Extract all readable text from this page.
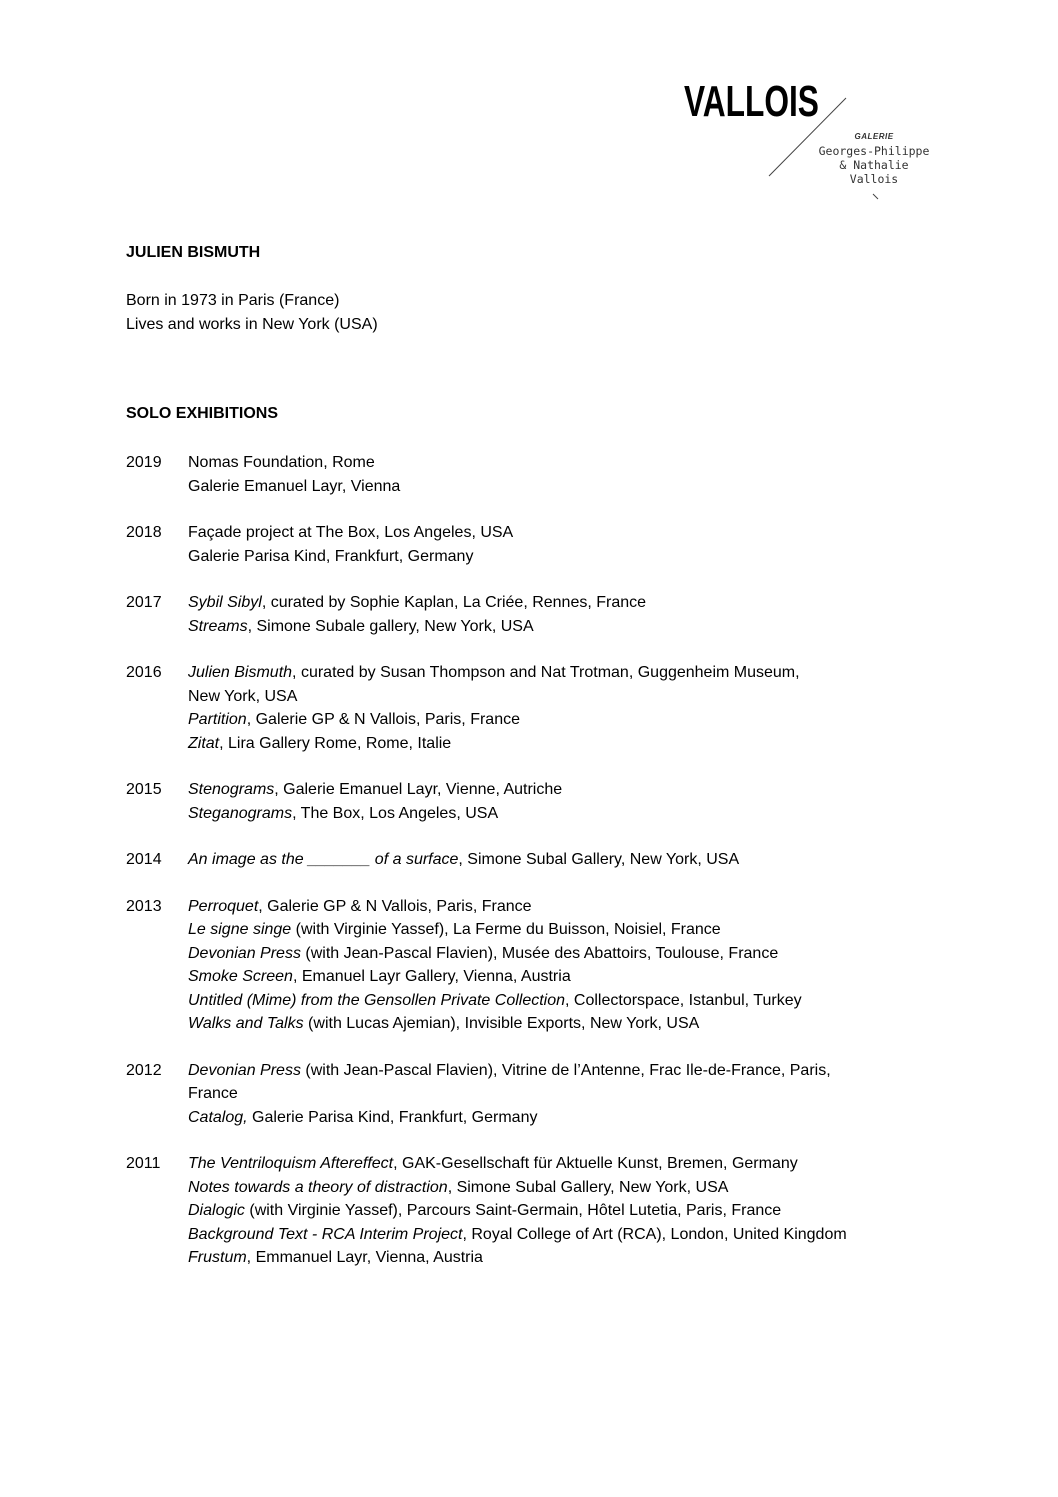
VALLOIS
GALERIE
Georges-Philippe
& Nathalie
Vallois
JULIEN BISMUTH
Born in 1973 in Paris (France)
Lives and works in New York (USA)
SOLO EXHIBITIONS
2019	Nomas Foundation, Rome
Galerie Emanuel Layr, Vienna
2018	Façade project at The Box, Los Angeles, USA
Galerie Parisa Kind, Frankfurt, Germany
2017	Sybil Sibyl, curated by Sophie Kaplan, La Criée, Rennes, France
Streams, Simone Subale gallery, New York, USA
2016	Julien Bismuth, curated by Susan Thompson and Nat Trotman, Guggenheim Museum,
New York, USA
Partition, Galerie GP & N Vallois, Paris, France
Zitat, Lira Gallery Rome, Rome, Italie
2015	Stenograms, Galerie Emanuel Layr, Vienne, Autriche
Steganograms, The Box, Los Angeles, USA
2014	An image as the _______ of a surface, Simone Subal Gallery, New York, USA
2013	Perroquet, Galerie GP & N Vallois, Paris, France
Le signe singe (with Virginie Yassef), La Ferme du Buisson, Noisiel, France
Devonian Press (with Jean-Pascal Flavien), Musée des Abattoirs, Toulouse, France
Smoke Screen, Emanuel Layr Gallery, Vienna, Austria
Untitled (Mime) from the Gensollen Private Collection, Collectorspace, Istanbul, Turkey
Walks and Talks (with Lucas Ajemian), Invisible Exports, New York, USA
2012	Devonian Press (with Jean-Pascal Flavien), Vitrine de l’Antenne, Frac Ile-de-France, Paris,
France
Catalog, Galerie Parisa Kind, Frankfurt, Germany
2011	The Ventriloquism Aftereffect, GAK-Gesellschaft für Aktuelle Kunst, Bremen, Germany
Notes towards a theory of distraction, Simone Subal Gallery, New York, USA
Dialogic (with Virginie Yassef), Parcours Saint-Germain, Hôtel Lutetia, Paris, France
Background Text - RCA Interim Project, Royal College of Art (RCA), London, United Kingdom
Frustum, Emmanuel Layr, Vienna, Austria
